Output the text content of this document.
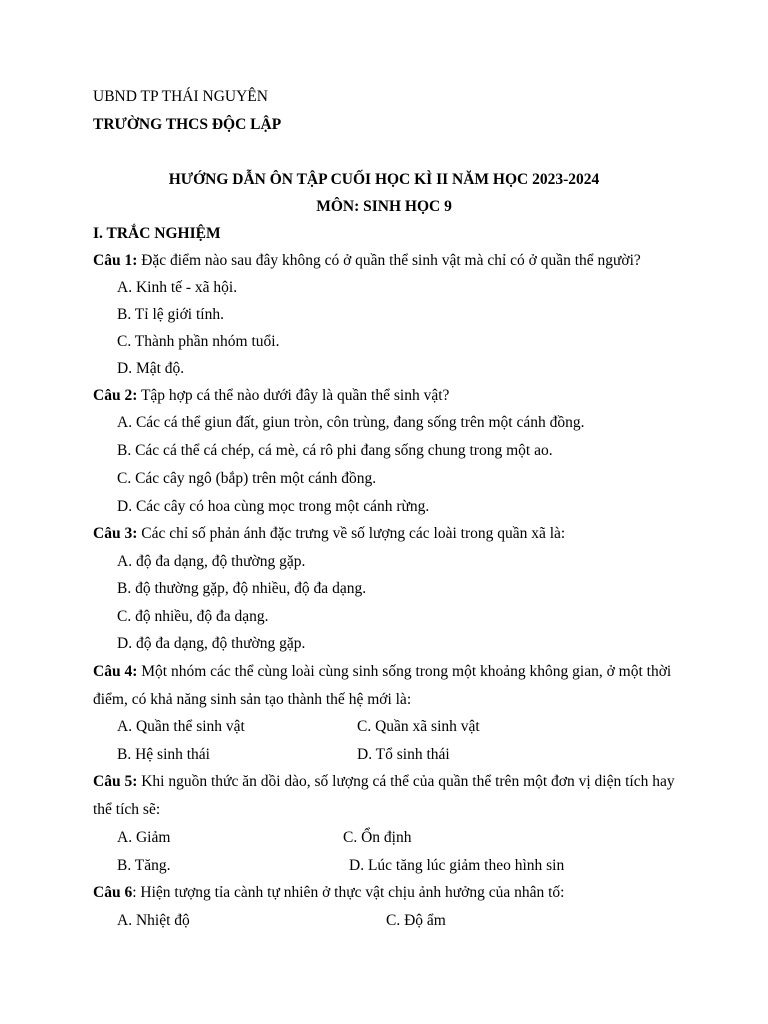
UBND TP THÁI NGUYÊN
TRƯỜNG THCS ĐỘC LẬP
HƯỚNG DẪN ÔN TẬP CUỐI HỌC KÌ II NĂM HỌC 2023-2024
MÔN: SINH HỌC 9
I. TRẮC NGHIỆM
Câu 1: Đặc điểm nào sau đây không có ở quần thể sinh vật mà chỉ có ở quần thể người?
A. Kinh tế - xã hội.
B. Tỉ lệ giới tính.
C. Thành phần nhóm tuổi.
D. Mật độ.
Câu 2: Tập hợp cá thể nào dưới đây là quần thể sinh vật?
A. Các cá thể giun đất, giun tròn, côn trùng, đang sống trên một cánh đồng.
B. Các cá thể cá chép, cá mè, cá rô phi đang sống chung trong một ao.
C. Các cây ngô (bắp) trên một cánh đồng.
D. Các cây có hoa cùng mọc trong một cánh rừng.
Câu 3: Các chỉ số phản ánh đặc trưng về số lượng các loài trong quần xã là:
A. độ đa dạng, độ thường gặp.
B. độ thường gặp, độ nhiều, độ đa dạng.
C. độ nhiều, độ đa dạng.
D. độ đa dạng, độ thường gặp.
Câu 4: Một nhóm các thể cùng loài cùng sinh sống trong một khoảng không gian, ở một thời
điểm, có khả năng sinh sản tạo thành thế hệ mới là:
A. Quần thể sinh vật	C. Quần xã sinh vật
B. Hệ sinh thái	D. Tổ sinh thái
Câu 5: Khi nguồn thức ăn dồi dào, số lượng cá thể của quần thể trên một đơn vị diện tích hay
thể tích sẽ:
A. Giảm	C. Ổn định
B. Tăng.	D. Lúc tăng lúc giảm theo hình sin
Câu 6: Hiện tượng tỉa cành tự nhiên ở thực vật chịu ảnh hưởng của nhân tố:
A. Nhiệt độ	C. Độ ẩm
